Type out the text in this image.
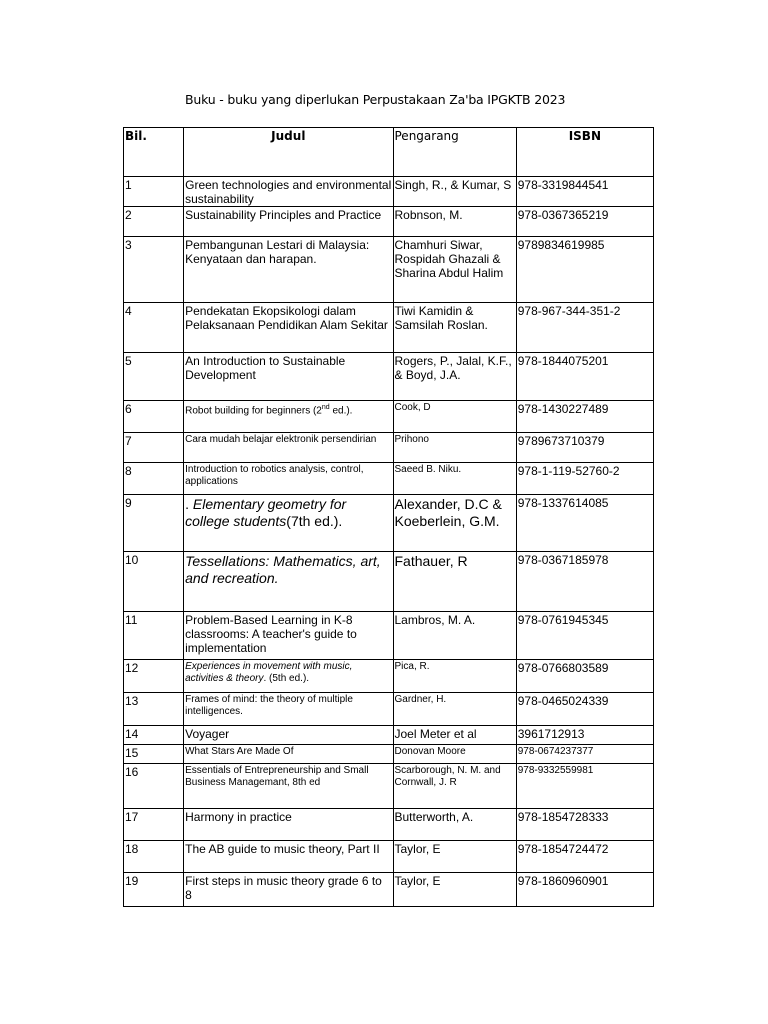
Buku - buku yang diperlukan Perpustakaan Za'ba IPGKTB 2023
Bil.	Judul	Pengarang	ISBN
1	Green technologies and environmental sustainability	Singh, R., & Kumar, S	978-3319844541
2	Sustainability Principles and Practice	Robnson, M.	978-0367365219
3	Pembangunan Lestari di Malaysia: Kenyataan dan harapan.	Chamhuri Siwar, Rospidah Ghazali & Sharina Abdul Halim	9789834619985
4	Pendekatan Ekopsikologi dalam Pelaksanaan Pendidikan Alam Sekitar	Tiwi Kamidin & Samsilah Roslan.	978-967-344-351-2
5	An Introduction to Sustainable Development	Rogers, P., Jalal, K.F., & Boyd, J.A.	978-1844075201
6	Robot building for beginners (2nd ed.).	Cook, D	978-1430227489
7	Cara mudah belajar elektronik persendirian	Prihono	9789673710379
8	Introduction to robotics analysis, control, applications	Saeed B. Niku.	978-1-119-52760-2
9	. Elementary geometry for college students(7th ed.).	Alexander, D.C & Koeberlein, G.M.	978-1337614085
10	Tessellations: Mathematics, art, and recreation.	Fathauer, R	978-0367185978
11	Problem-Based Learning in K-8 classrooms: A teacher's guide to implementation	Lambros, M. A.	978-0761945345
12	Experiences in movement with music, activities & theory. (5th ed.).	Pica, R.	978-0766803589
13	Frames of mind: the theory of multiple intelligences.	Gardner, H.	978-0465024339
14	Voyager	Joel Meter et al	3961712913
15	What Stars Are Made Of	Donovan Moore	978-0674237377
16	Essentials of Entrepreneurship and Small Business Managemant, 8th ed	Scarborough, N. M. and Cornwall, J. R	978-9332559981
17	Harmony in practice	Butterworth, A.	978-1854728333
18	The AB guide to music theory, Part II	Taylor, E	978-1854724472
19	First steps in music theory grade 6 to 8	Taylor, E	978-1860960901
